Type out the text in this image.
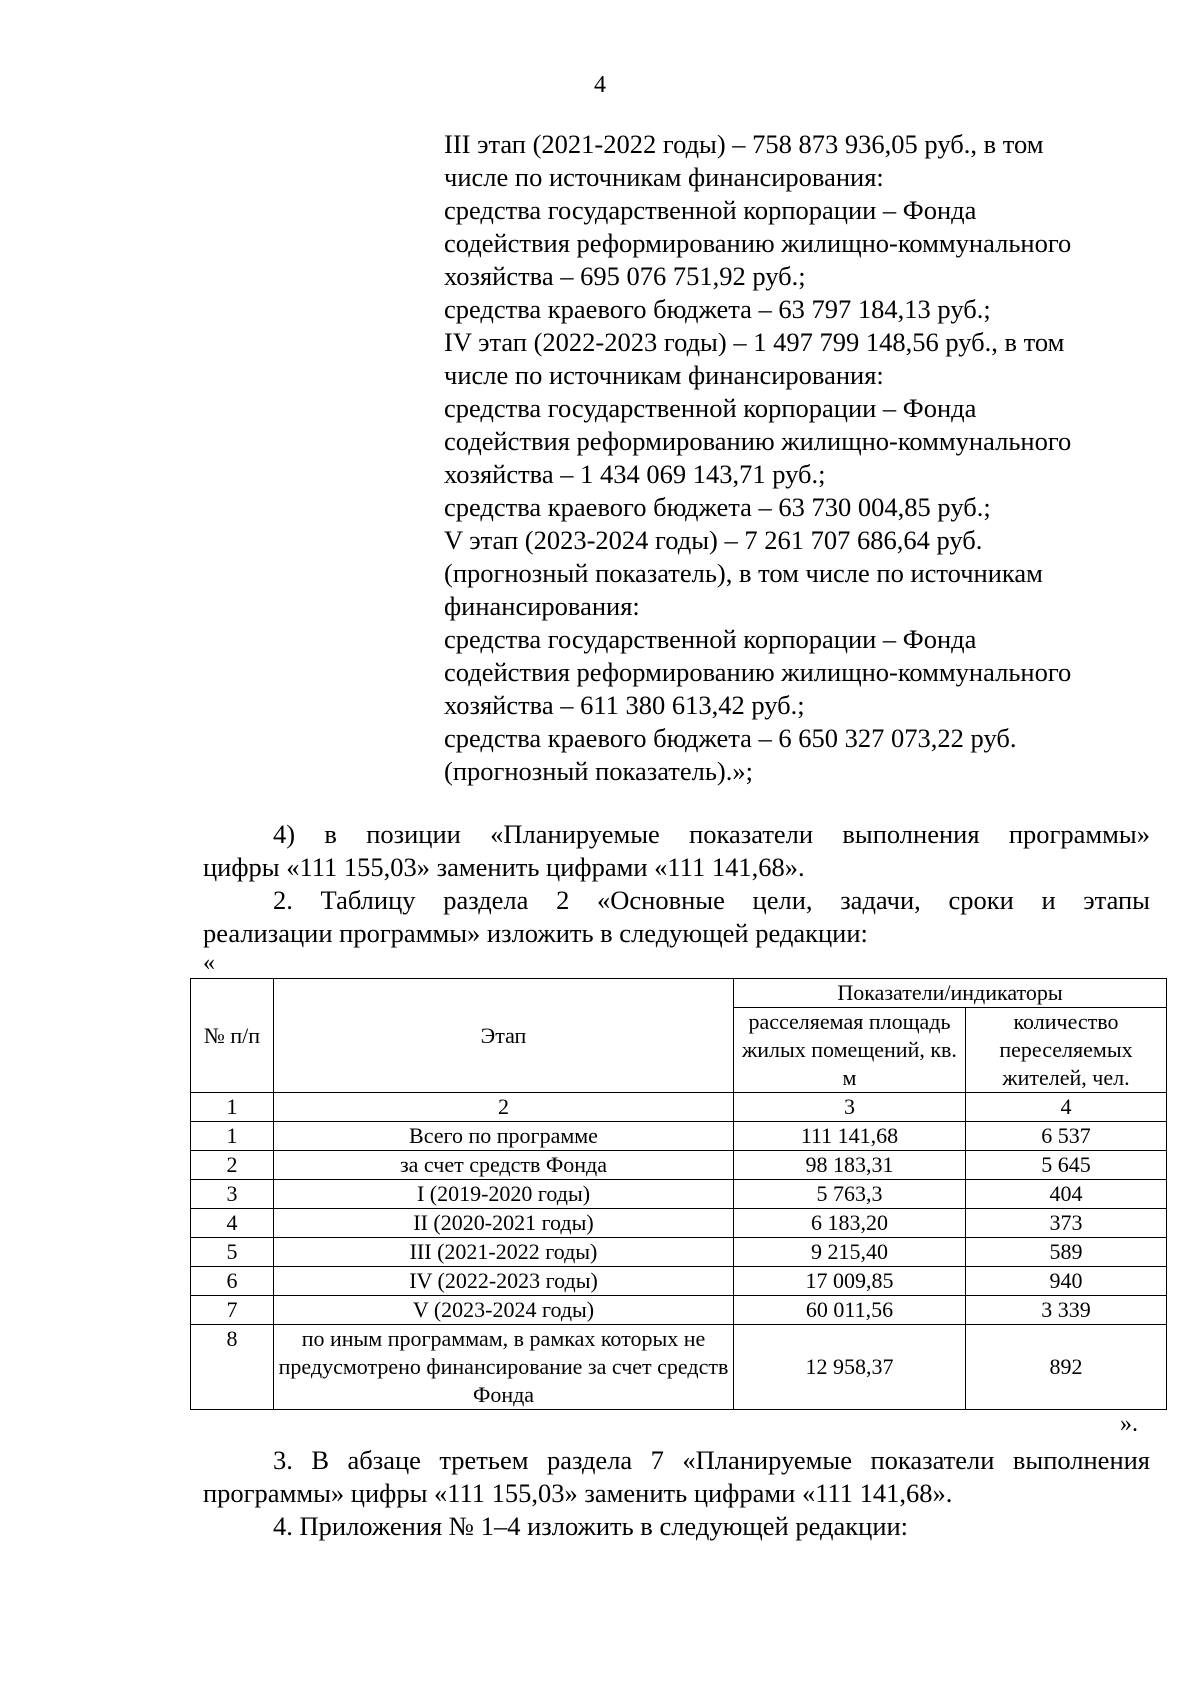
4
III этап (2021-2022 годы) – 758 873 936,05 руб., в том
числе по источникам финансирования:
средства государственной корпорации – Фонда
содействия реформированию жилищно-коммунального
хозяйства – 695 076 751,92 руб.;
средства краевого бюджета – 63 797 184,13 руб.;
IV этап (2022-2023 годы) – 1 497 799 148,56 руб., в том
числе по источникам финансирования:
средства государственной корпорации – Фонда
содействия реформированию жилищно-коммунального
хозяйства – 1 434 069 143,71 руб.;
средства краевого бюджета – 63 730 004,85 руб.;
V этап (2023-2024 годы) – 7 261 707 686,64 руб.
(прогнозный показатель), в том числе по источникам
финансирования:
средства государственной корпорации – Фонда
содействия реформированию жилищно-коммунального
хозяйства – 611 380 613,42 руб.;
средства краевого бюджета – 6 650 327 073,22 руб.
(прогнозный показатель).»;
4) в позиции «Планируемые показатели выполнения программы»
цифры «111 155,03» заменить цифрами «111 141,68».
2. Таблицу раздела 2 «Основные цели, задачи, сроки и этапы
реализации программы» изложить в следующей редакции:
«
№ п/п	Этап	Показатели/индикаторы	
		расселяемая площадь жилых помещений, кв. м	количество переселяемых жителей, чел.
1	2	3	4
1	Всего по программе	111 141,68	6 537
2	за счет средств Фонда	98 183,31	5 645
3	I (2019-2020 годы)	5 763,3	404
4	II (2020-2021 годы)	6 183,20	373
5	III (2021-2022 годы)	9 215,40	589
6	IV (2022-2023 годы)	17 009,85	940
7	V (2023-2024 годы)	60 011,56	3 339
8	по иным программам, в рамках которых не предусмотрено финансирование за счет средств Фонда	12 958,37	892
».
3. В абзаце третьем раздела 7 «Планируемые показатели выполнения
программы» цифры «111 155,03» заменить цифрами «111 141,68».
4. Приложения № 1–4 изложить в следующей редакции:
